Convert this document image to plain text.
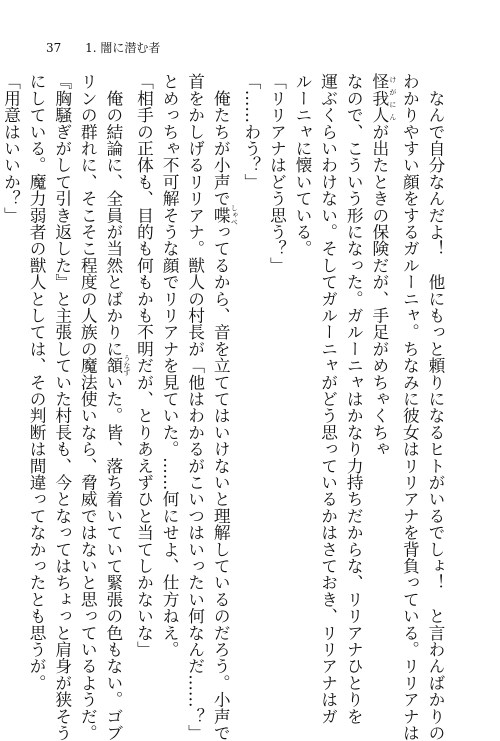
37 1. 闇に潜む者
　なんで自分なんだよ！　他にもっと頼りになるヒトがいるでしょ！　と言わんばかりの
わかりやすい顔をするガルーニャ。ちなみに彼女はリリアナを背負っている。リリアナは
怪我人 けがにんが出たときの保険だが、手足がめちゃくちゃ
なので、こういう形になった。ガルーニャはかなり力持ちだからな、リリアナひとりを
運ぶくらいわけない。そしてガルーニャがどう思っているかはさておき、リリアナはガ
ルーニャに懐いている。
「リリアナはどう思う？」
「……わう？」
　俺たちが小声で喋 しゃべってるから、音を立ててはいけないと理解しているのだろう。小声で
首をかしげるリリアナ。獣人の村長が「他はわかるがこいつはいったい何なんだ……？」
とめっちゃ不可解そうな顔でリリアナを見ていた。……何にせよ、仕方ねえ。
「相手の正体も、目的も何もかも不明だが、とりあえずひと当てしかないな」
　俺の結論に、全員が当然とばかりに頷 うなずいた。皆、落ち着いていて緊張の色もない。ゴブ
リンの群れに、そこそこ程度の人族の魔法使いなら、脅威ではないと思っているようだ。
『胸騒ぎがして引き返した』と主張していた村長も、今となってはちょっと肩身が狭そう
にしている。魔力弱者の獣人としては、その判断は間違ってなかったとも思うが。
「用意はいいか？」
